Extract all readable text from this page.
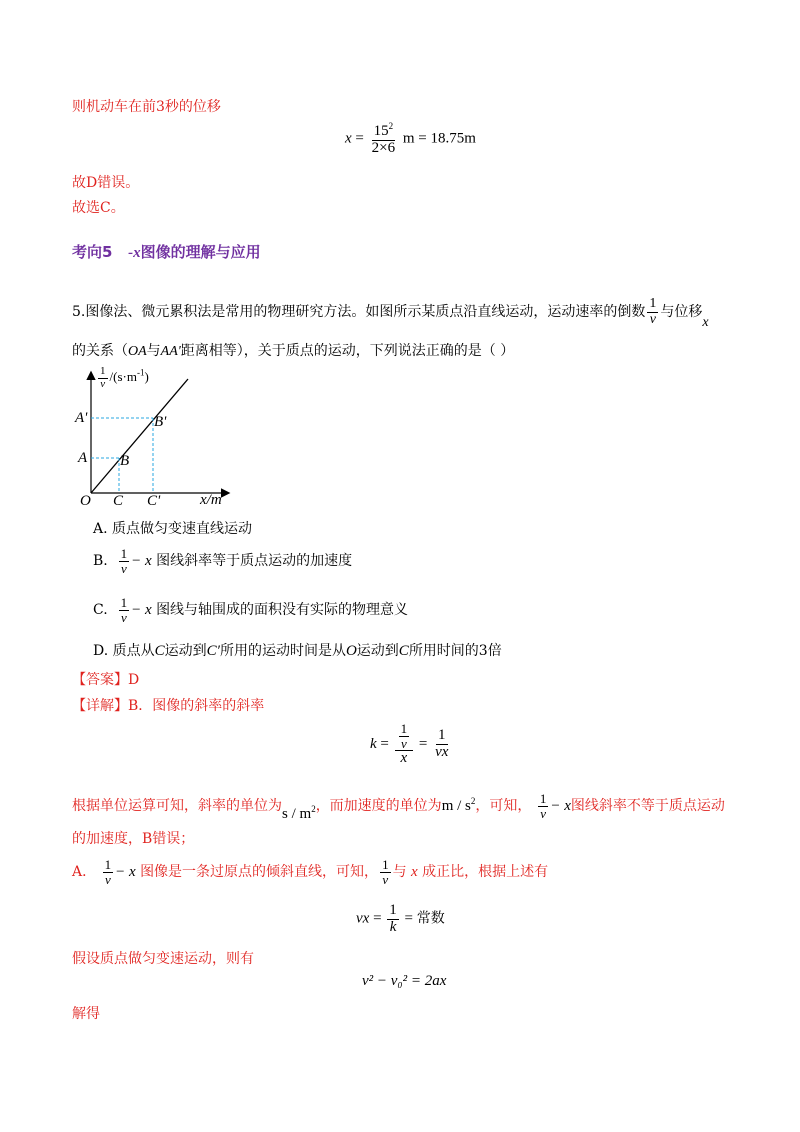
则机动车在前3秒的位移
$x = \frac{15^2}{2\times 6}$ m = 18.75m
故D错误。
故选C。
考向5 -x图像的理解与应用
5.图像法、微元累积法是常用的物理研究方法。如图所示某质点沿直线运动，运动速率的倒数 $\frac{1}{v}$ 与位移x
的关系（OA与AA'距离相等），关于质点的运动，下列说法正确的是（ ）
$\frac{1}{v} /(s\cdot m^{-1})$
A'
A
B'
B
O C C'	x/m
A. 质点做匀变速直线运动
B. $\frac{1}{v} - x$ 图线斜率等于质点运动的加速度
C. $\frac{1}{v} - x$ 图线与轴围成的面积没有实际的物理意义
D. 质点从C运动到C′所用的运动时间是从O运动到C所用时间的3倍
【答案】D
【详解】B．图像的斜率的斜率
$k = \frac{\frac{1}{v}}{x} = \frac{1}{vx}$
根据单位运算可知，斜率的单位为s / $m^2$，而加速度的单位为m / $s^2$，可知， $\frac{1}{v} - x$图线斜率不等于质点运动
的加速度，B错误；
A． $\frac{1}{v} - x$ 图像是一条过原点的倾斜直线，可知， $\frac{1}{v}$ 与 x 成正比，根据上述有
vx = $\frac{1}{k}$ = 常数
假设质点做匀变速运动，则有
v² − v₀² = 2ax
解得
